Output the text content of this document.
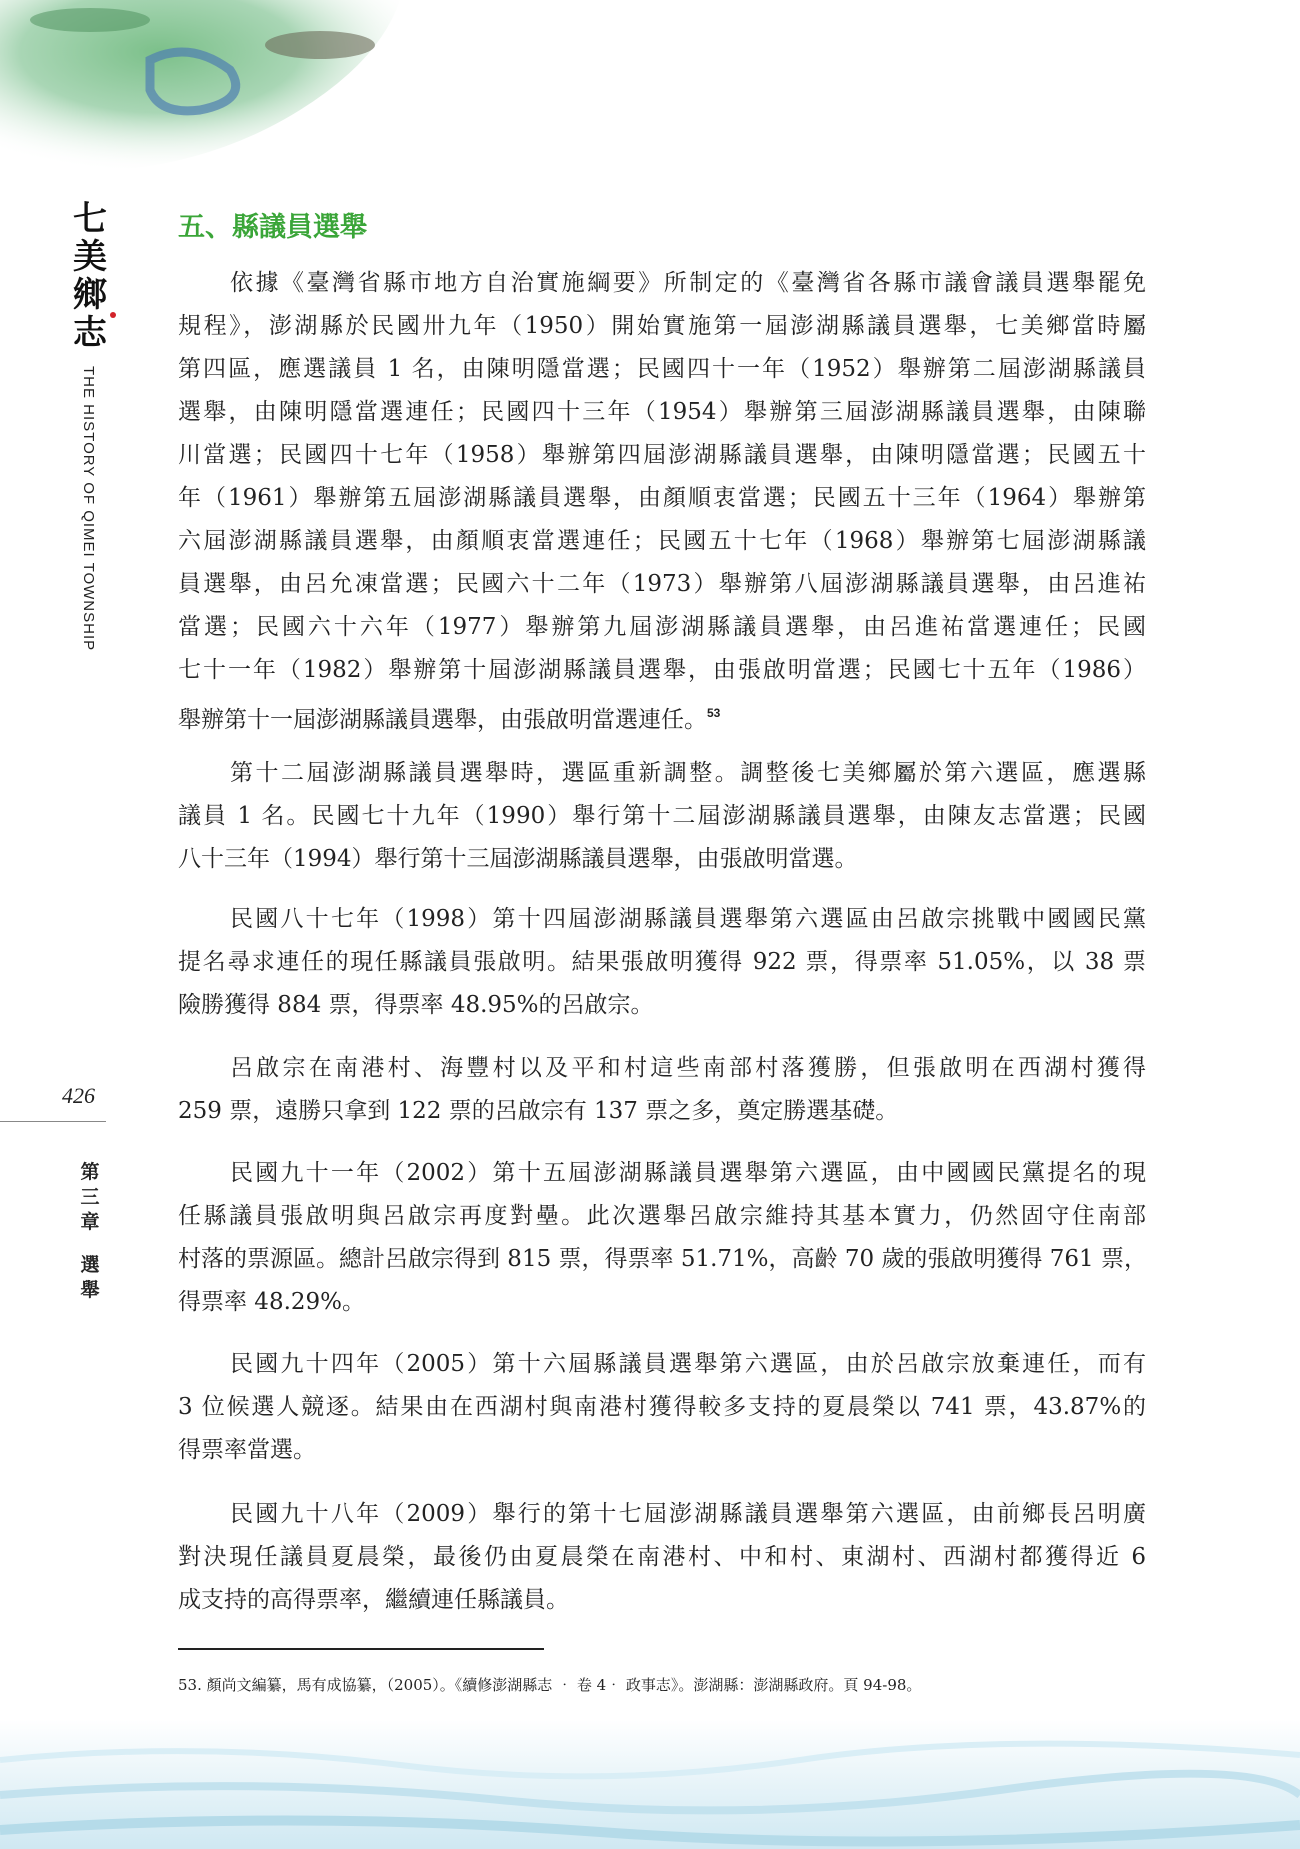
七
美
鄉
志
THE HISTORY OF QIMEI TOWNSHIP
426
第
三
章
選
舉
五、縣議員選舉
依據《臺灣省縣市地方自治實施綱要》所制定的《臺灣省各縣市議會議員選舉罷免
規程》，澎湖縣於民國卅九年（1950）開始實施第一屆澎湖縣議員選舉，七美鄉當時屬
第四區，應選議員 1 名，由陳明隱當選；民國四十一年（1952）舉辦第二屆澎湖縣議員
選舉，由陳明隱當選連任；民國四十三年（1954）舉辦第三屆澎湖縣議員選舉，由陳聯
川當選；民國四十七年（1958）舉辦第四屆澎湖縣議員選舉，由陳明隱當選；民國五十
年（1961）舉辦第五屆澎湖縣議員選舉，由顏順衷當選；民國五十三年（1964）舉辦第
六屆澎湖縣議員選舉，由顏順衷當選連任；民國五十七年（1968）舉辦第七屆澎湖縣議
員選舉，由呂允凍當選；民國六十二年（1973）舉辦第八屆澎湖縣議員選舉，由呂進祐
當選；民國六十六年（1977）舉辦第九屆澎湖縣議員選舉，由呂進祐當選連任；民國
七十一年（1982）舉辦第十屆澎湖縣議員選舉，由張啟明當選；民國七十五年（1986）
舉辦第十一屆澎湖縣議員選舉，由張啟明當選連任。$^{53}$
第十二屆澎湖縣議員選舉時，選區重新調整。調整後七美鄉屬於第六選區，應選縣
議員 1 名。民國七十九年（1990）舉行第十二屆澎湖縣議員選舉，由陳友志當選；民國
八十三年（1994）舉行第十三屆澎湖縣議員選舉，由張啟明當選。
民國八十七年（1998）第十四屆澎湖縣議員選舉第六選區由呂啟宗挑戰中國國民黨
提名尋求連任的現任縣議員張啟明。結果張啟明獲得 922 票，得票率 51.05%，以 38 票
險勝獲得 884 票，得票率 48.95%的呂啟宗。
呂啟宗在南港村、海豐村以及平和村這些南部村落獲勝，但張啟明在西湖村獲得
259 票，遠勝只拿到 122 票的呂啟宗有 137 票之多，奠定勝選基礎。
民國九十一年（2002）第十五屆澎湖縣議員選舉第六選區，由中國國民黨提名的現
任縣議員張啟明與呂啟宗再度對壘。此次選舉呂啟宗維持其基本實力，仍然固守住南部
村落的票源區。總計呂啟宗得到 815 票，得票率 51.71%，高齡 70 歲的張啟明獲得 761 票，
得票率 48.29%。
民國九十四年（2005）第十六屆縣議員選舉第六選區，由於呂啟宗放棄連任，而有
3 位候選人競逐。結果由在西湖村與南港村獲得較多支持的夏晨榮以 741 票，43.87%的
得票率當選。
民國九十八年（2009）舉行的第十七屆澎湖縣議員選舉第六選區，由前鄉長呂明廣
對決現任議員夏晨榮，最後仍由夏晨榮在南港村、中和村、東湖村、西湖村都獲得近 6
成支持的高得票率，繼續連任縣議員。
53. 顏尚文編纂，馬有成協纂，（2005）。《續修澎湖縣志 ‧ 卷 4‧ 政事志》。澎湖縣：澎湖縣政府。頁 94-98。
